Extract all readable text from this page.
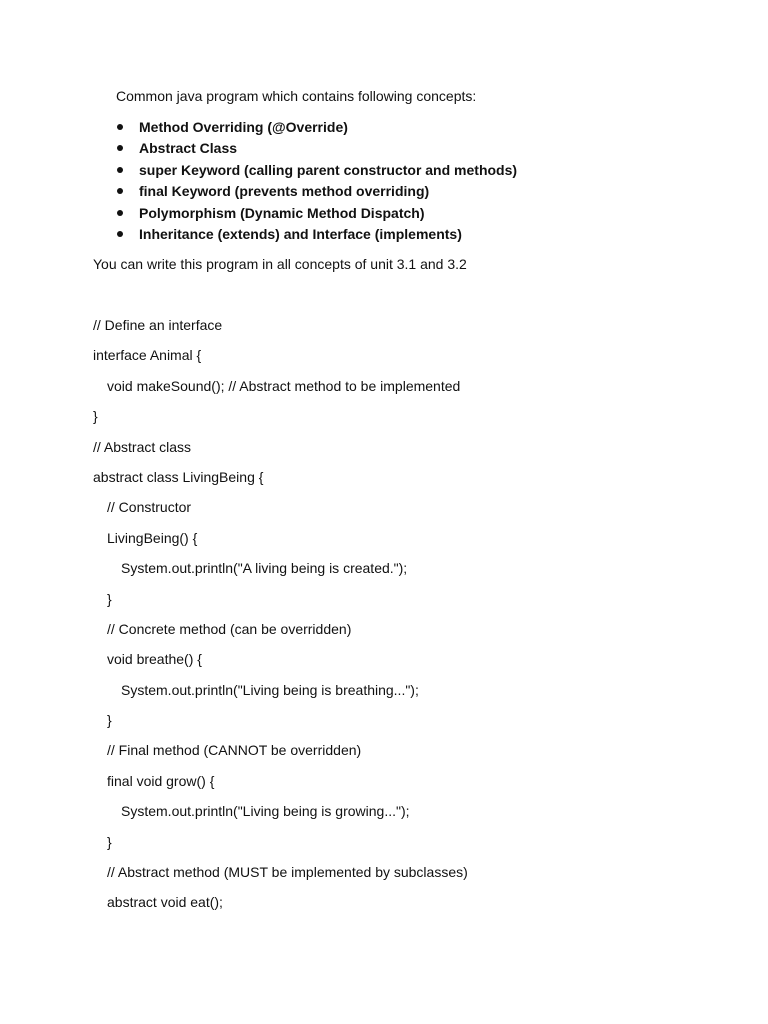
Common java program which contains following concepts:
Method Overriding (@Override)
Abstract Class
super Keyword (calling parent constructor and methods)
final Keyword (prevents method overriding)
Polymorphism (Dynamic Method Dispatch)
Inheritance (extends) and Interface (implements)
You can write this program in all concepts of unit 3.1 and 3.2
// Define an interface
interface Animal {
void makeSound(); // Abstract method to be implemented
}
// Abstract class
abstract class LivingBeing {
// Constructor
LivingBeing() {
System.out.println("A living being is created.");
}
// Concrete method (can be overridden)
void breathe() {
System.out.println("Living being is breathing...");
}
// Final method (CANNOT be overridden)
final void grow() {
System.out.println("Living being is growing...");
}
// Abstract method (MUST be implemented by subclasses)
abstract void eat();
